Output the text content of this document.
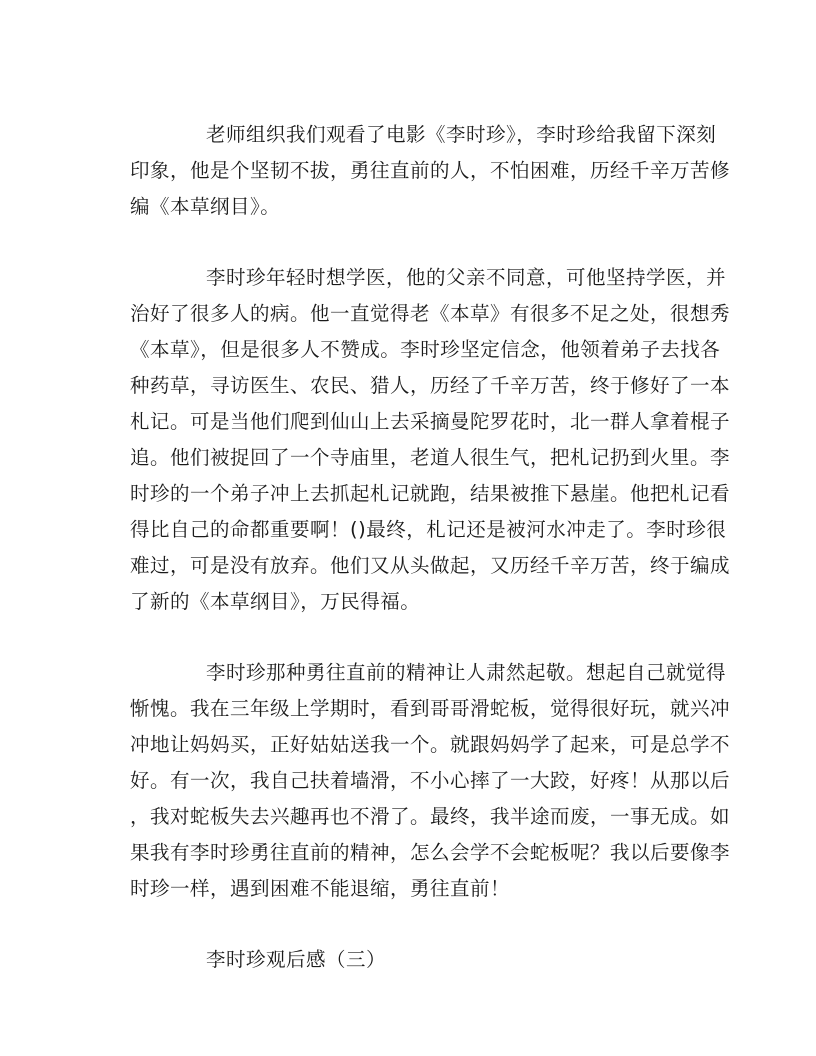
老师组织我们观看了电影《李时珍》，李时珍给我留下深刻
印象，他是个坚韧不拔，勇往直前的人，不怕困难，历经千辛万苦修
编《本草纲目》。
李时珍年轻时想学医，他的父亲不同意，可他坚持学医，并
治好了很多人的病。他一直觉得老《本草》有很多不足之处，很想秀
《本草》，但是很多人不赞成。李时珍坚定信念，他领着弟子去找各
种药草，寻访医生、农民、猎人，历经了千辛万苦，终于修好了一本
札记。可是当他们爬到仙山上去采摘曼陀罗花时，北一群人拿着棍子
追。他们被捉回了一个寺庙里，老道人很生气，把札记扔到火里。李
时珍的一个弟子冲上去抓起札记就跑，结果被推下悬崖。他把札记看
得比自己的命都重要啊！()最终，札记还是被河水冲走了。李时珍很
难过，可是没有放弃。他们又从头做起，又历经千辛万苦，终于编成
了新的《本草纲目》，万民得福。
李时珍那种勇往直前的精神让人肃然起敬。想起自己就觉得
惭愧。我在三年级上学期时，看到哥哥滑蛇板，觉得很好玩，就兴冲
冲地让妈妈买，正好姑姑送我一个。就跟妈妈学了起来，可是总学不
好。有一次，我自己扶着墙滑，不小心摔了一大跤，好疼！从那以后
，我对蛇板失去兴趣再也不滑了。最终，我半途而废，一事无成。如
果我有李时珍勇往直前的精神，怎么会学不会蛇板呢？我以后要像李
时珍一样，遇到困难不能退缩，勇往直前！
李时珍观后感（三）
